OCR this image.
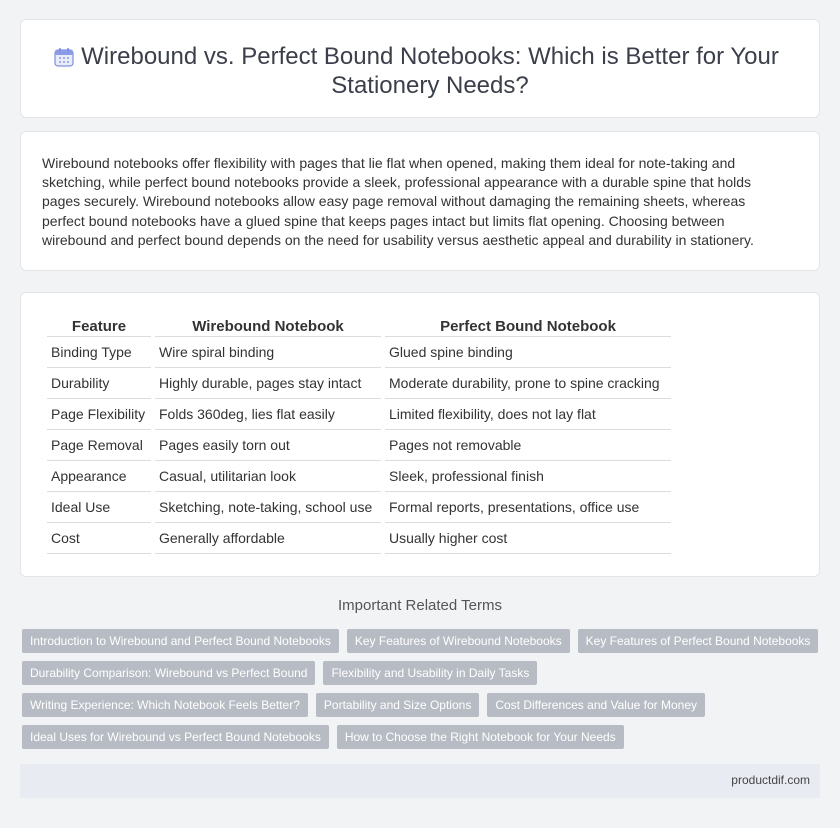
Wirebound vs. Perfect Bound Notebooks: Which is Better for Your Stationery Needs?

Wirebound notebooks offer flexibility with pages that lie flat when opened, making them ideal for note-taking and sketching, while perfect bound notebooks provide a sleek, professional appearance with a durable spine that holds pages securely. Wirebound notebooks allow easy page removal without damaging the remaining sheets, whereas perfect bound notebooks have a glued spine that keeps pages intact but limits flat opening. Choosing between wirebound and perfect bound depends on the need for usability versus aesthetic appeal and durability in stationery.

Feature	Wirebound Notebook	Perfect Bound Notebook
Binding Type	Wire spiral binding	Glued spine binding
Durability	Highly durable, pages stay intact	Moderate durability, prone to spine cracking
Page Flexibility	Folds 360deg, lies flat easily	Limited flexibility, does not lay flat
Page Removal	Pages easily torn out	Pages not removable
Appearance	Casual, utilitarian look	Sleek, professional finish
Ideal Use	Sketching, note-taking, school use	Formal reports, presentations, office use
Cost	Generally affordable	Usually higher cost
Important Related Terms
Introduction to Wirebound and Perfect Bound Notebooks	Key Features of Wirebound Notebooks	Key Features of Perfect Bound Notebooks
Durability Comparison: Wirebound vs Perfect Bound	Flexibility and Usability in Daily Tasks
Writing Experience: Which Notebook Feels Better?	Portability and Size Options	Cost Differences and Value for Money
Ideal Uses for Wirebound vs Perfect Bound Notebooks	How to Choose the Right Notebook for Your Needs
productdif.com
